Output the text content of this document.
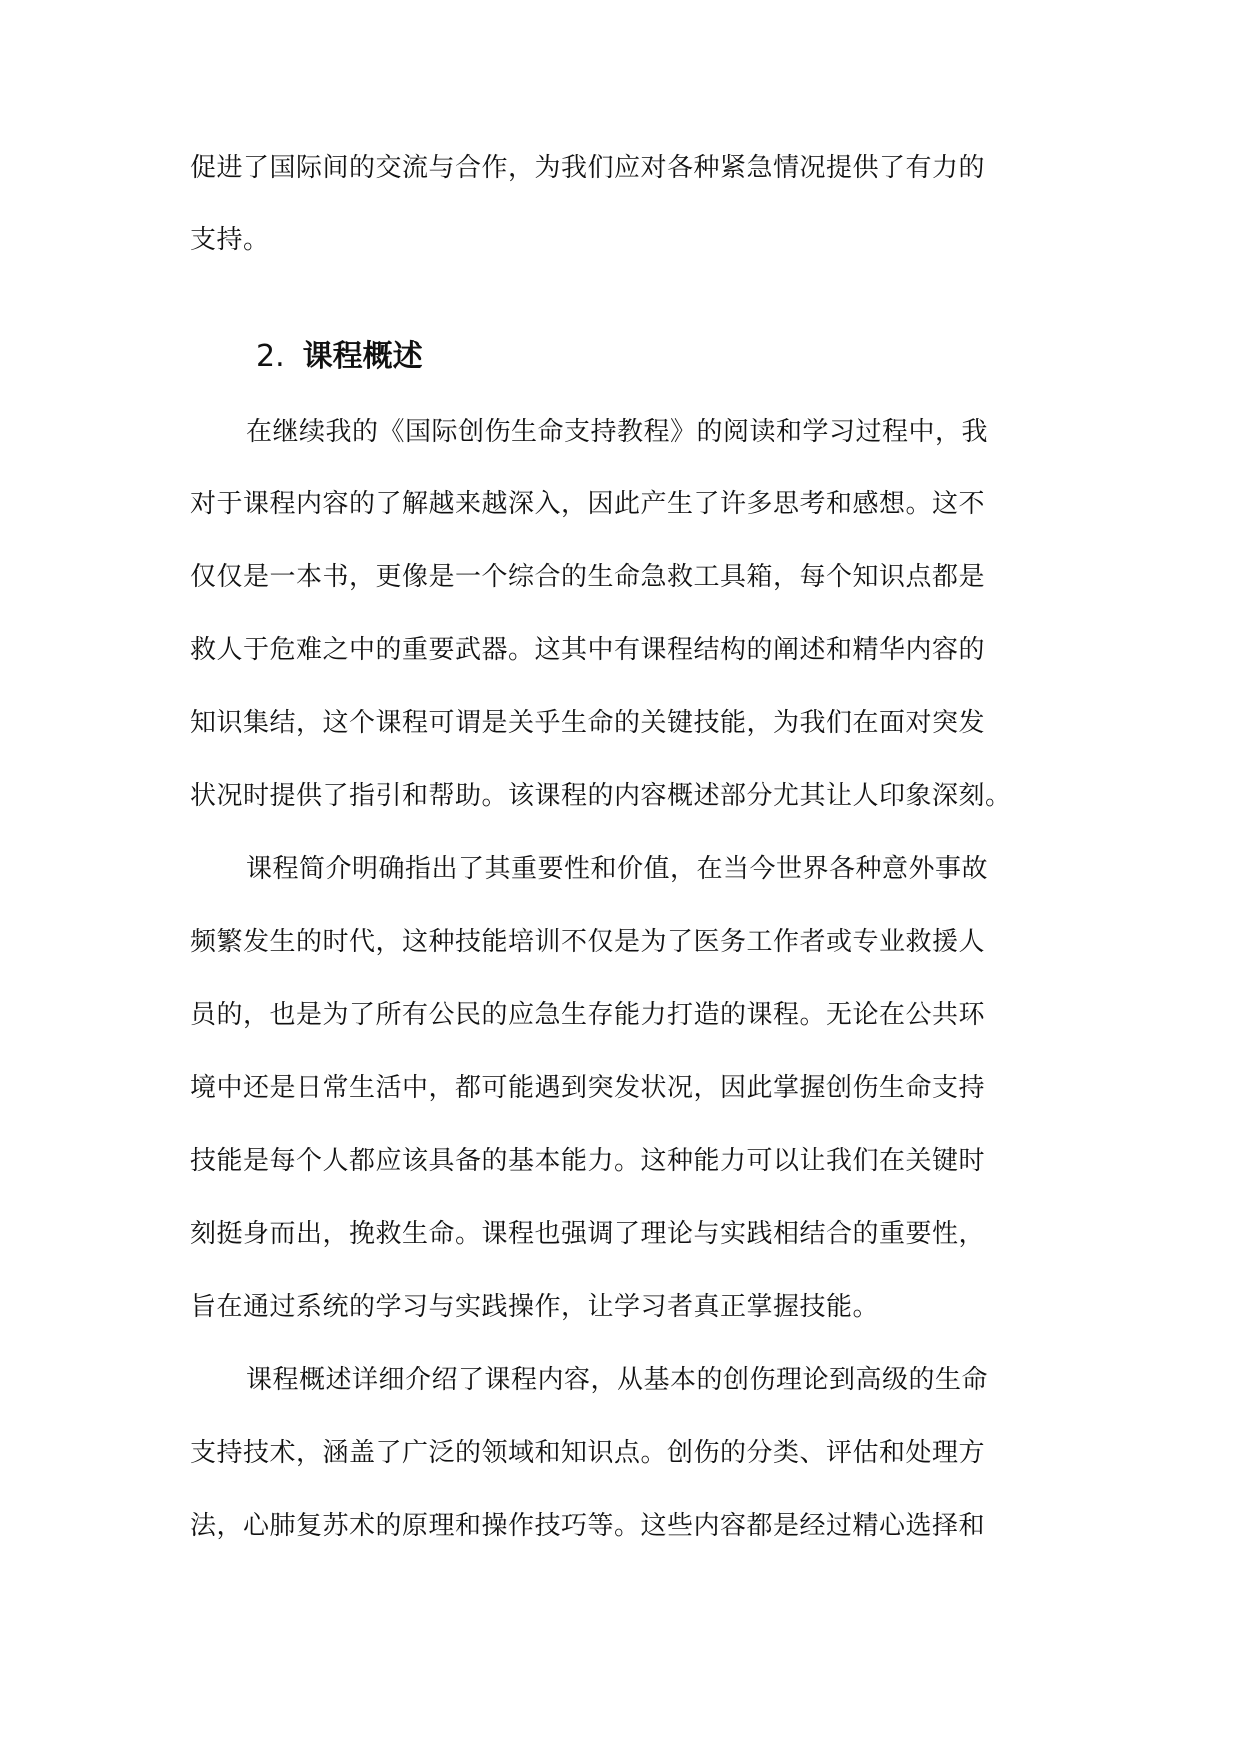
促进了国际间的交流与合作，为我们应对各种紧急情况提供了有力的
支持。
2. 课程概述
在继续我的《国际创伤生命支持教程》的阅读和学习过程中，我
对于课程内容的了解越来越深入，因此产生了许多思考和感想。这不
仅仅是一本书，更像是一个综合的生命急救工具箱，每个知识点都是
救人于危难之中的重要武器。这其中有课程结构的阐述和精华内容的
知识集结，这个课程可谓是关乎生命的关键技能，为我们在面对突发
状况时提供了指引和帮助。该课程的内容概述部分尤其让人印象深刻。
课程简介明确指出了其重要性和价值，在当今世界各种意外事故
频繁发生的时代，这种技能培训不仅是为了医务工作者或专业救援人
员的，也是为了所有公民的应急生存能力打造的课程。无论在公共环
境中还是日常生活中，都可能遇到突发状况，因此掌握创伤生命支持
技能是每个人都应该具备的基本能力。这种能力可以让我们在关键时
刻挺身而出，挽救生命。课程也强调了理论与实践相结合的重要性，
旨在通过系统的学习与实践操作，让学习者真正掌握技能。
课程概述详细介绍了课程内容，从基本的创伤理论到高级的生命
支持技术，涵盖了广泛的领域和知识点。创伤的分类、评估和处理方
法，心肺复苏术的原理和操作技巧等。这些内容都是经过精心选择和
